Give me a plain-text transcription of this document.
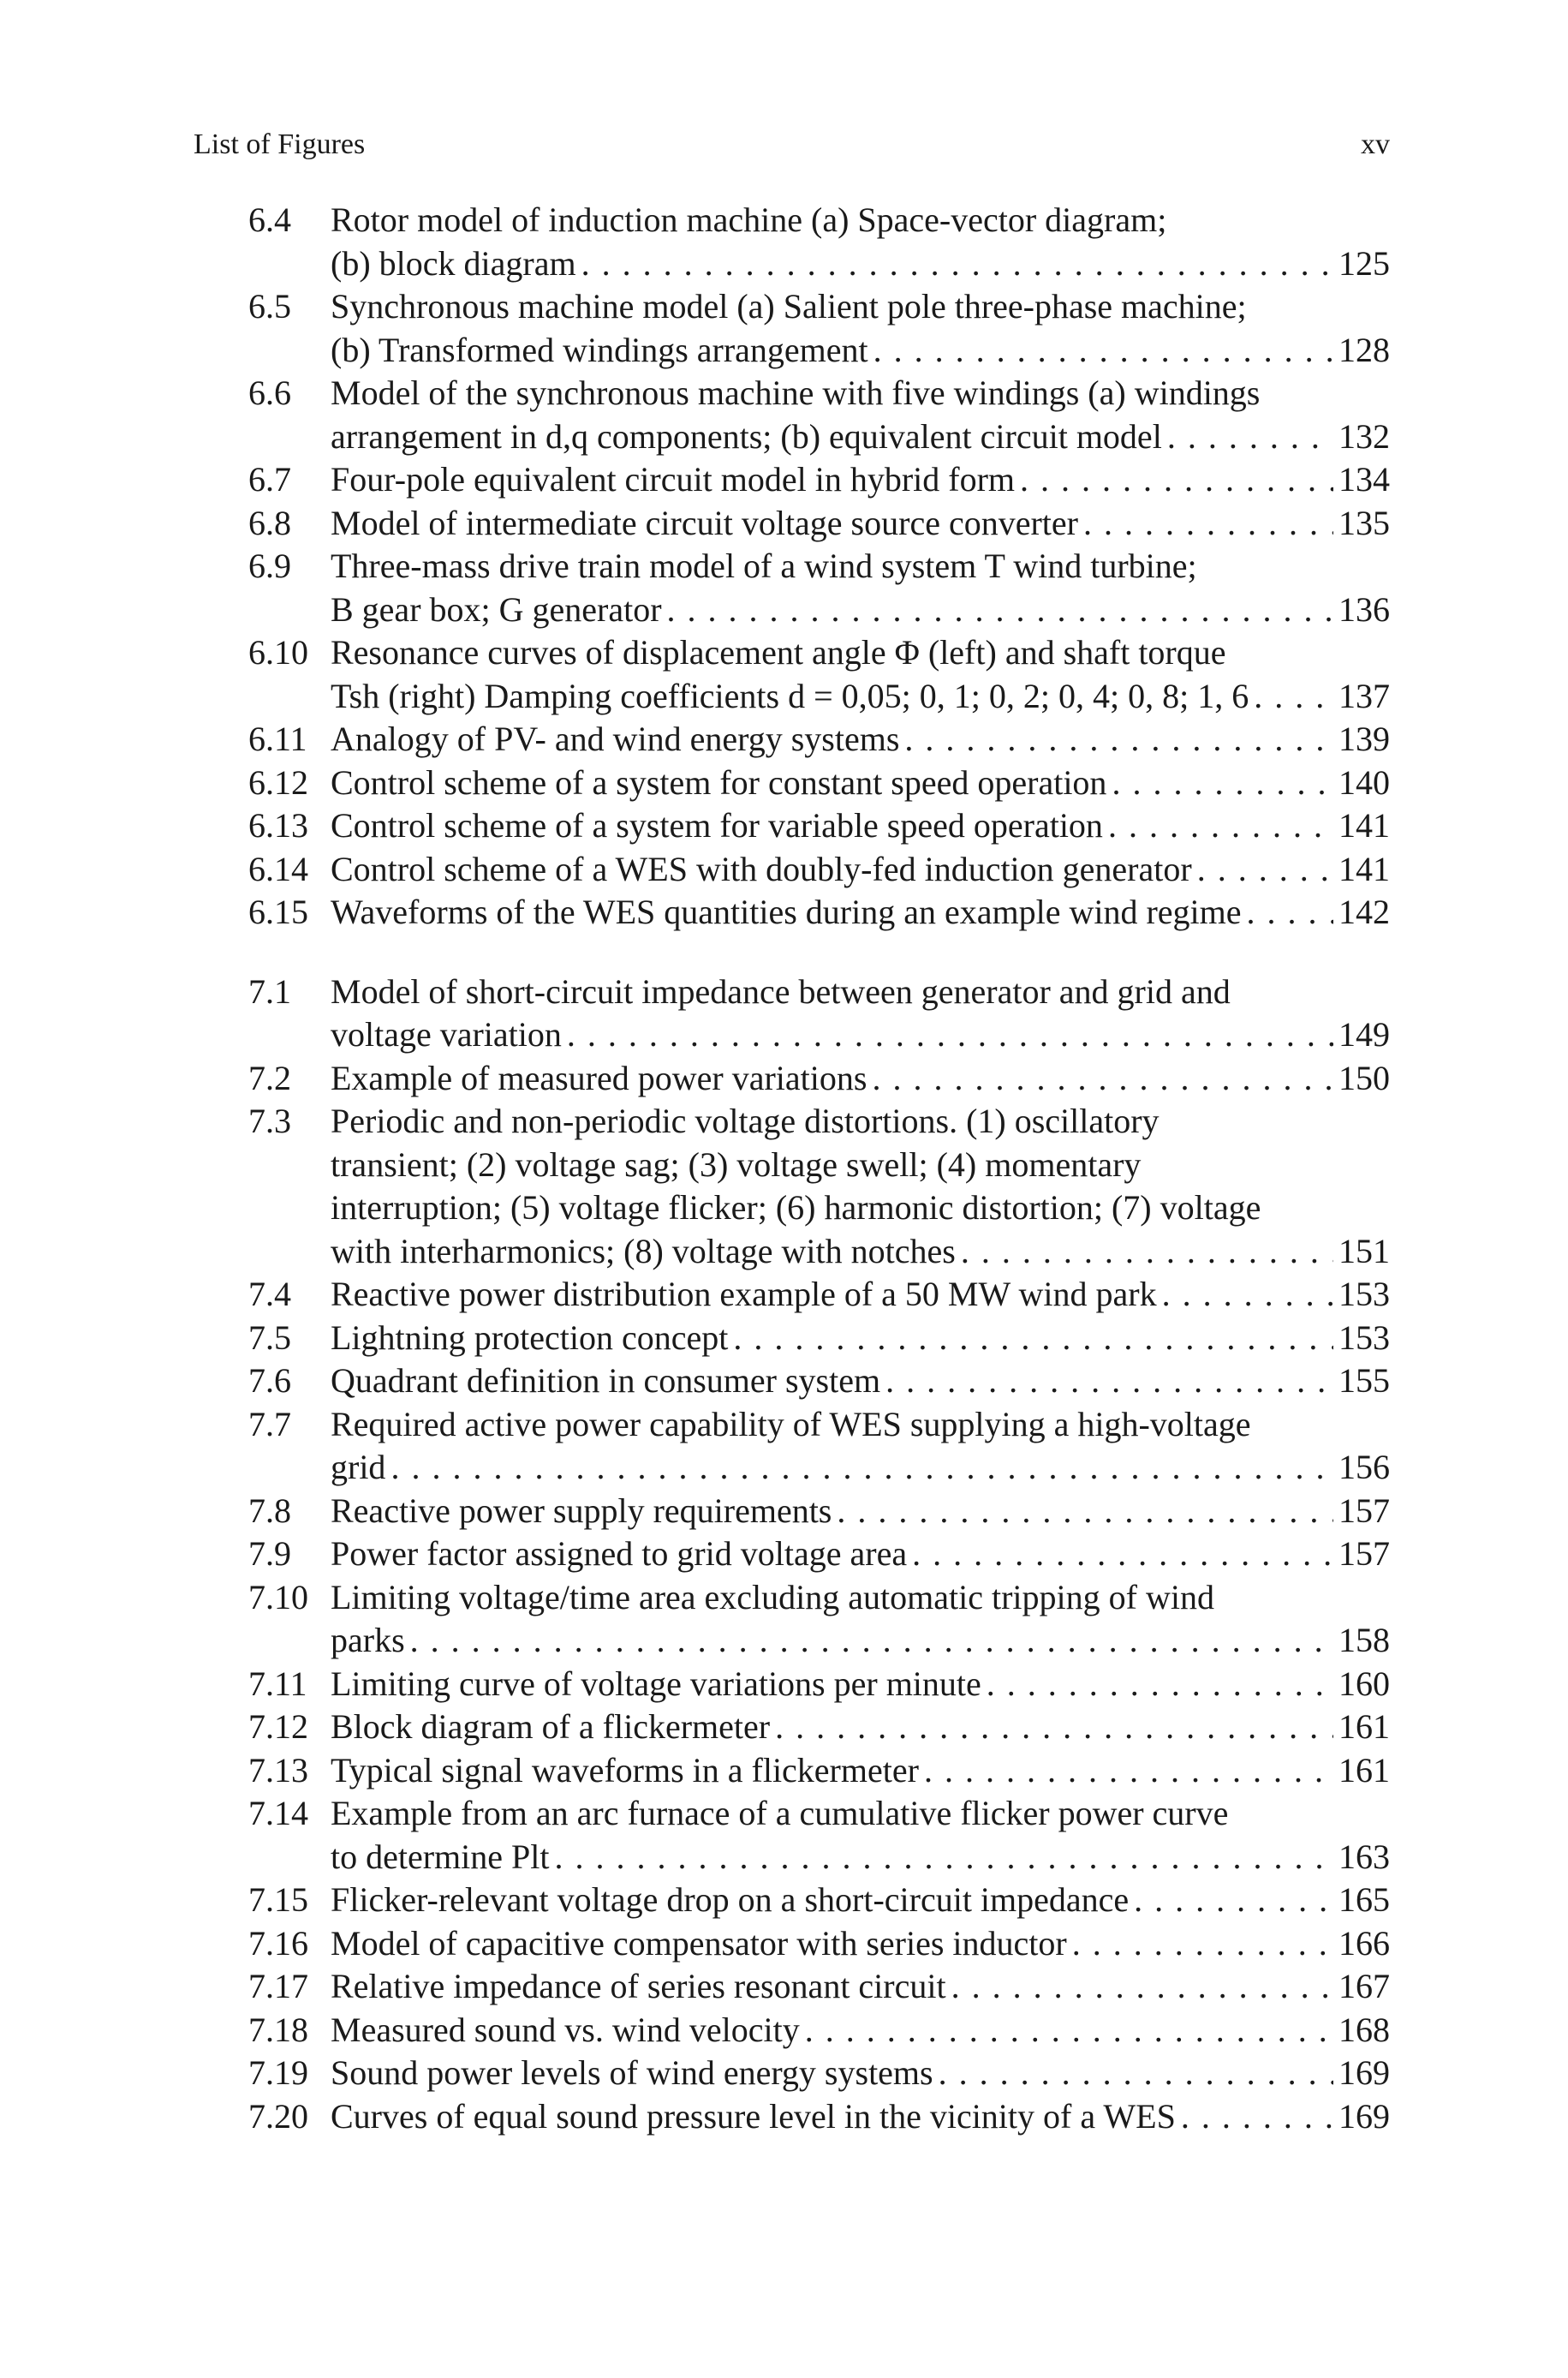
List of Figures	xv
6.4	Rotor model of induction machine (a) Space-vector diagram;
(b) block diagram . . .	125
6.5	Synchronous machine model (a) Salient pole three-phase machine;
(b) Transformed windings arrangement . . .	128
6.6	Model of the synchronous machine with five windings (a) windings
arrangement in d,q components; (b) equivalent circuit model . . .	132
6.7	Four-pole equivalent circuit model in hybrid form . . .	134
6.8	Model of intermediate circuit voltage source converter . . .	135
6.9	Three-mass drive train model of a wind system T wind turbine;
B gear box; G generator . . .	136
6.10 Resonance curves of displacement angle Φ (left) and shaft torque
Tsh (right) Damping coefficients d = 0,05; 0, 1; 0, 2; 0, 4; 0, 8; 1, 6 . . .	137
6.11 Analogy of PV- and wind energy systems . . .	139
6.12 Control scheme of a system for constant speed operation . . .	140
6.13 Control scheme of a system for variable speed operation . . .	141
6.14 Control scheme of a WES with doubly-fed induction generator . . .	141
6.15 Waveforms of the WES quantities during an example wind regime . . .	142
7.1	Model of short-circuit impedance between generator and grid and
voltage variation . . .	149
7.2	Example of measured power variations . . .	150
7.3	Periodic and non-periodic voltage distortions. (1) oscillatory
transient; (2) voltage sag; (3) voltage swell; (4) momentary
interruption; (5) voltage flicker; (6) harmonic distortion; (7) voltage
with interharmonics; (8) voltage with notches . . .	151
7.4	Reactive power distribution example of a 50 MW wind park . . .	153
7.5	Lightning protection concept . . .	153
7.6	Quadrant definition in consumer system . . .	155
7.7	Required active power capability of WES supplying a high-voltage
grid . . .	156
7.8	Reactive power supply requirements . . .	157
7.9	Power factor assigned to grid voltage area . . .	157
7.10 Limiting voltage/time area excluding automatic tripping of wind
parks . . .	158
7.11 Limiting curve of voltage variations per minute . . .	160
7.12 Block diagram of a flickermeter . . .	161
7.13 Typical signal waveforms in a flickermeter . . .	161
7.14 Example from an arc furnace of a cumulative flicker power curve
to determine Plt . . .	163
7.15 Flicker-relevant voltage drop on a short-circuit impedance . . .	165
7.16 Model of capacitive compensator with series inductor . . .	166
7.17 Relative impedance of series resonant circuit . . .	167
7.18 Measured sound vs. wind velocity . . .	168
7.19 Sound power levels of wind energy systems . . .	169
7.20 Curves of equal sound pressure level in the vicinity of a WES . . .	169
